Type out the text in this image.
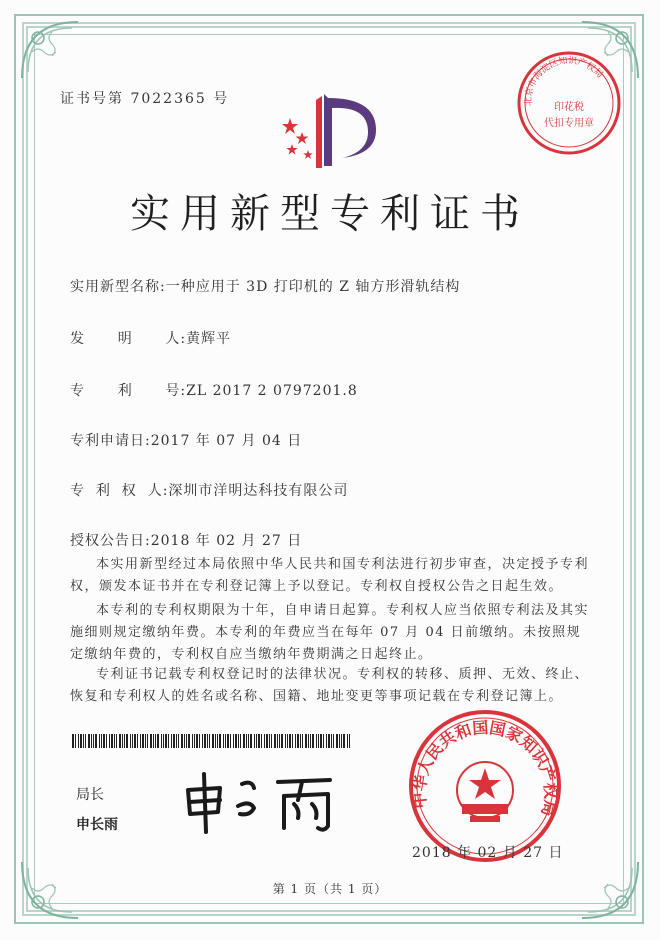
证书号第 7022365 号
实用新型专利证书
实用新型名称:一种应用于 3D 打印机的 Z 轴方形滑轨结构
发      明      人:黄辉平
专      利      号:ZL 2017 2 0797201.8
专利申请日:2017 年 07 月 04 日
专  利  权  人:深圳市洋明达科技有限公司
授权公告日:2018 年 02 月 27 日
本实用新型经过本局依照中华人民共和国专利法进行初步审查，决定授予专利权，颁发本证书并在专利登记簿上予以登记。专利权自授权公告之日起生效。
本专利的专利权期限为十年，自申请日起算。专利权人应当依照专利法及其实施细则规定缴纳年费。本专利的年费应当在每年 07 月 04 日前缴纳。未按照规定缴纳年费的，专利权自应当缴纳年费期满之日起终止。
专利证书记载专利权登记时的法律状况。专利权的转移、质押、无效、终止、恢复和专利权人的姓名或名称、国籍、地址变更等事项记载在专利登记簿上。
局长
申长雨
北京市海淀区知识产权局
印花税
代扣专用章
中华人民共和国国家知识产权局
2018 年 02 月 27 日
第 1 页（共 1 页）
